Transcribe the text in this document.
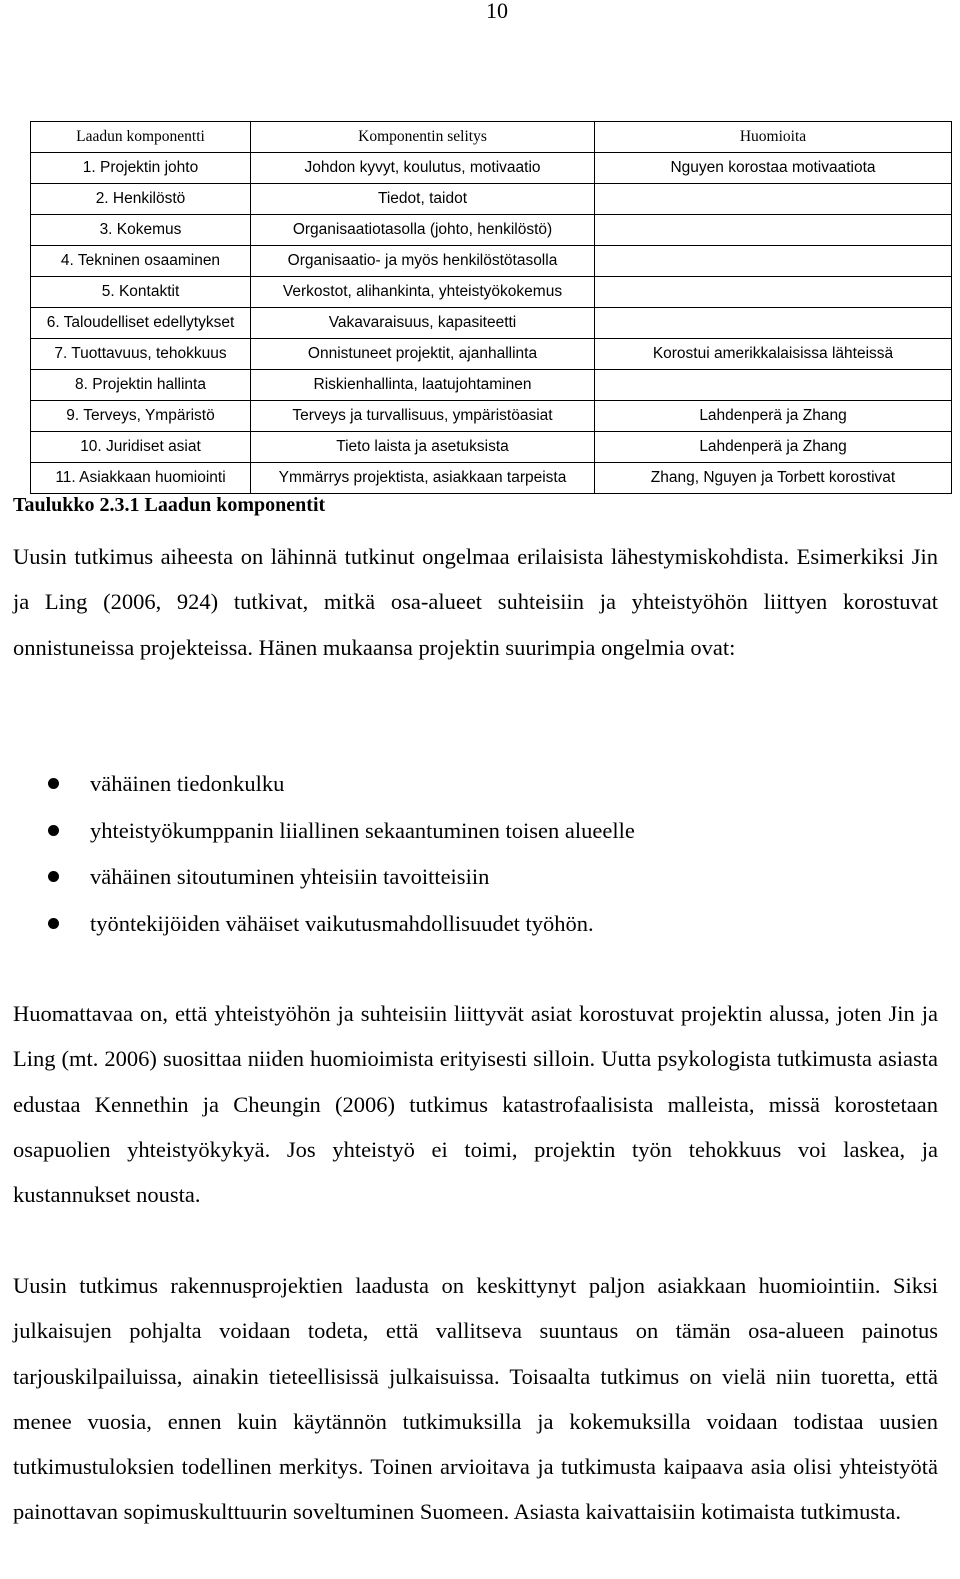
10
Laadun komponentti	Komponentin selitys	Huomioita
1. Projektin johto	Johdon kyvyt, koulutus, motivaatio	Nguyen korostaa motivaatiota
2. Henkilöstö	Tiedot, taidot	
3. Kokemus	Organisaatiotasolla (johto, henkilöstö)	
4. Tekninen osaaminen	Organisaatio- ja myös henkilöstötasolla	
5. Kontaktit	Verkostot, alihankinta, yhteistyökokemus	
6. Taloudelliset edellytykset	Vakavaraisuus, kapasiteetti	
7. Tuottavuus, tehokkuus	Onnistuneet projektit, ajanhallinta	Korostui amerikkalaisissa lähteissä
8. Projektin hallinta	Riskienhallinta, laatujohtaminen	
9. Terveys, Ympäristö	Terveys ja turvallisuus, ympäristöasiat	Lahdenperä ja Zhang
10. Juridiset asiat	Tieto laista ja asetuksista	Lahdenperä ja Zhang
11. Asiakkaan huomiointi	Ymmärrys projektista, asiakkaan tarpeista	Zhang, Nguyen ja Torbett korostivat
Taulukko 2.3.1 Laadun komponentit

Uusin tutkimus aiheesta on lähinnä tutkinut ongelmaa erilaisista lähestymiskohdista. Esimerkiksi Jin ja Ling (2006, 924) tutkivat, mitkä osa-alueet suhteisiin ja yhteistyöhön liittyen korostuvat onnistuneissa projekteissa. Hänen mukaansa projektin suurimpia ongelmia ovat:

vähäinen tiedonkulku
yhteistyökumppanin liiallinen sekaantuminen toisen alueelle
vähäinen sitoutuminen yhteisiin tavoitteisiin
työntekijöiden vähäiset vaikutusmahdollisuudet työhön.

Huomattavaa on, että yhteistyöhön ja suhteisiin liittyvät asiat korostuvat projektin alussa, joten Jin ja Ling (mt. 2006) suosittaa niiden huomioimista erityisesti silloin. Uutta psykologista tutkimusta asiasta edustaa Kennethin ja Cheungin (2006) tutkimus katastrofaalisista malleista, missä korostetaan osapuolien yhteistyökykyä. Jos yhteistyö ei toimi, projektin työn tehokkuus voi laskea, ja kustannukset nousta.

Uusin tutkimus rakennusprojektien laadusta on keskittynyt paljon asiakkaan huomiointiin. Siksi julkaisujen pohjalta voidaan todeta, että vallitseva suuntaus on tämän osa-alueen painotus tarjouskilpailuissa, ainakin tieteellisissä julkaisuissa. Toisaalta tutkimus on vielä niin tuoretta, että menee vuosia, ennen kuin käytännön tutkimuksilla ja kokemuksilla voidaan todistaa uusien tutkimustuloksien todellinen merkitys. Toinen arvioitava ja tutkimusta kaipaava asia olisi yhteistyötä painottavan sopimuskulttuurin soveltuminen Suomeen. Asiasta kaivattaisiin kotimaista tutkimusta.
